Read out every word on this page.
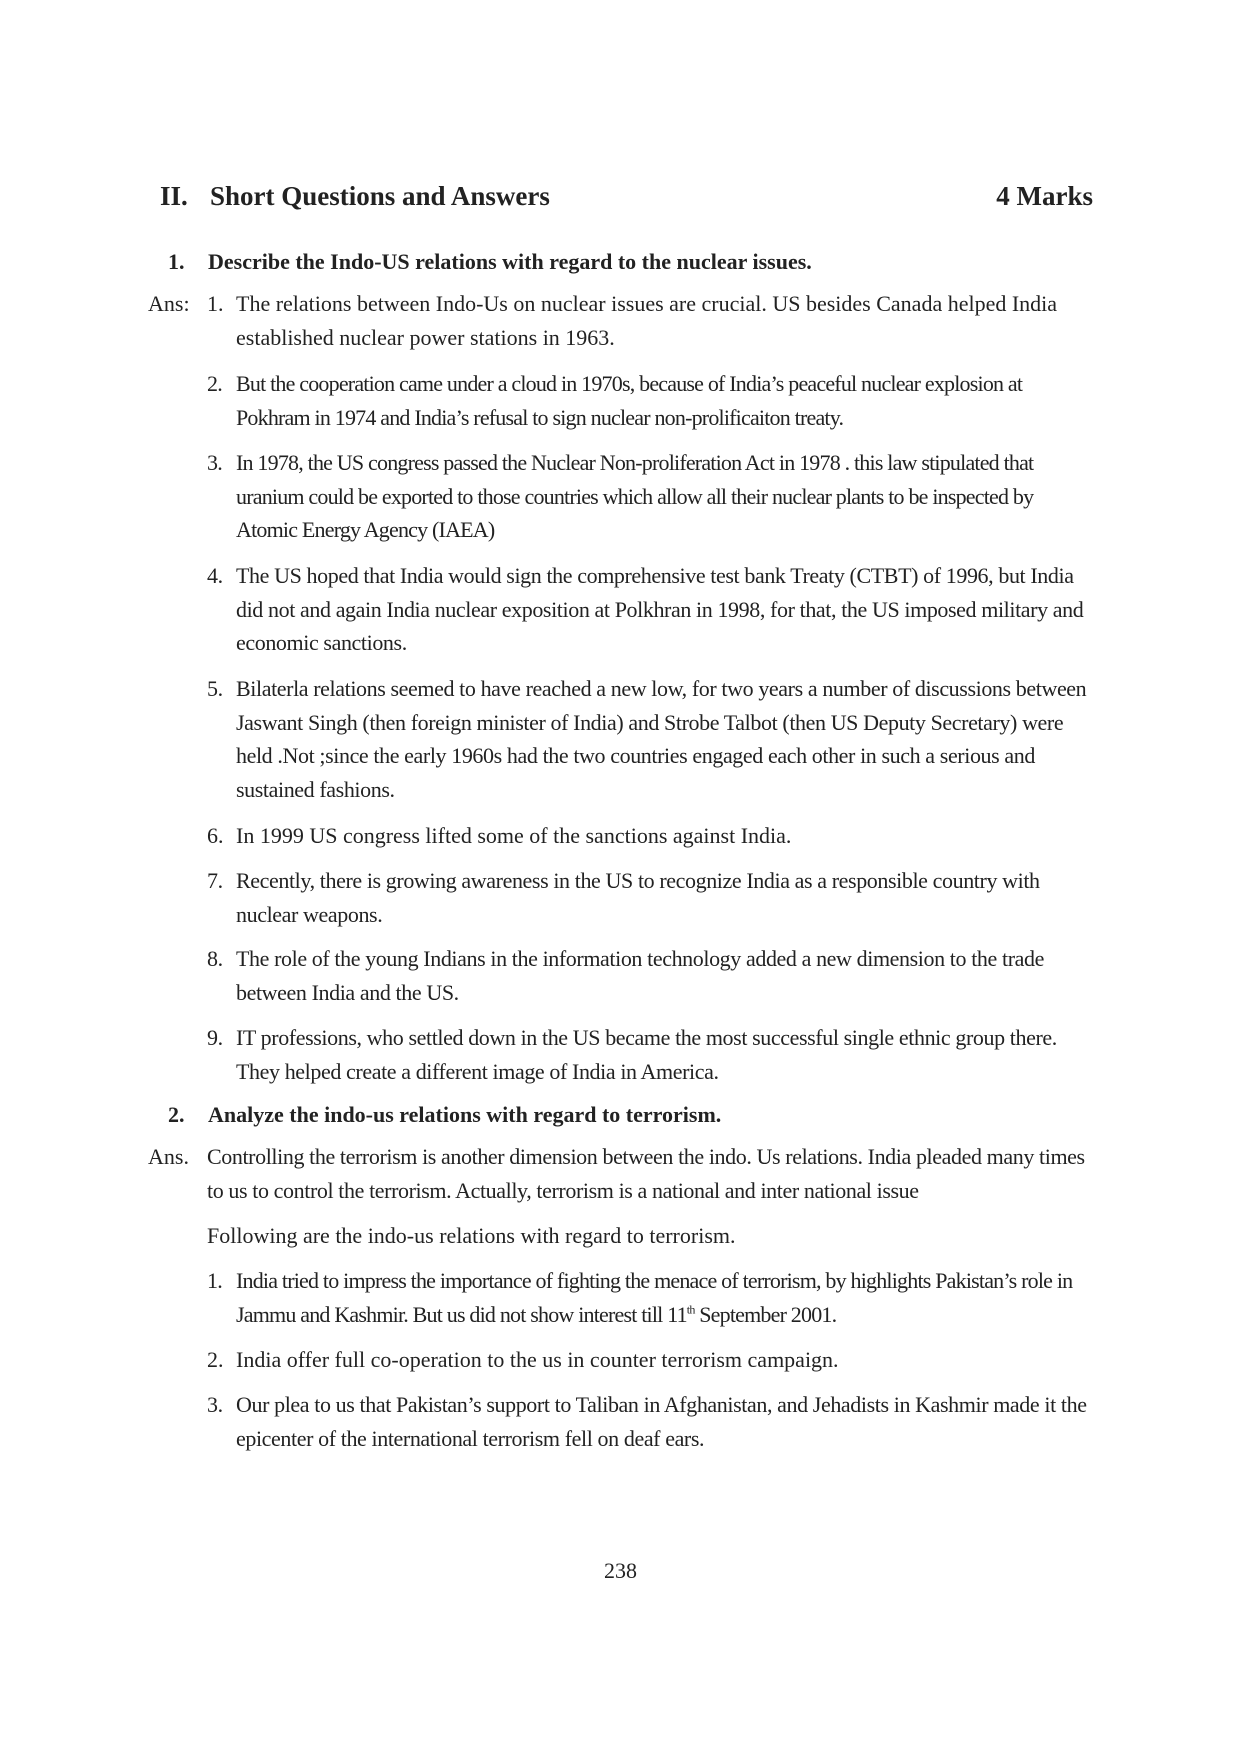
II. Short Questions and Answers	4 Marks
1.	Describe the Indo-US relations with regard to the nuclear issues.
Ans: 1. The relations between Indo-Us on nuclear issues are crucial. US besides Canada helped India established nuclear power stations in 1963.
2. But the cooperation came under a cloud in 1970s, because of India’s peaceful nuclear explosion at Pokhram in 1974 and India’s refusal to sign nuclear non-prolificaiton treaty.
3. In 1978, the US congress passed the Nuclear Non-proliferation Act in 1978 . this law stipulated that uranium could be exported to those countries which allow all their nuclear plants to be inspected by Atomic Energy Agency (IAEA)
4. The US hoped that India would sign the comprehensive test bank Treaty (CTBT) of 1996, but India did not and again India nuclear exposition at Polkhran in 1998, for that, the US imposed military and economic sanctions.
5. Bilaterla relations seemed to have reached a new low, for two years a number of discussions between Jaswant Singh (then foreign minister of India) and Strobe Talbot (then US Deputy Secretary) were held .Not ;since the early 1960s had the two countries engaged each other in such a serious and sustained fashions.
6. In 1999 US congress lifted some of the sanctions against India.
7. Recently, there is growing awareness in the US to recognize India as a responsible country with nuclear weapons.
8. The role of the young Indians in the information technology added a new dimension to the trade between India and the US.
9. IT professions, who settled down in the US became the most successful single ethnic group there. They helped create a different image of India in America.
2.	Analyze the indo-us relations with regard to terrorism.
Ans. Controlling the terrorism is another dimension between the indo. Us relations. India pleaded many times to us to control the terrorism. Actually, terrorism is a national and inter national issue
Following are the indo-us relations with regard to terrorism.
1. India tried to impress the importance of fighting the menace of terrorism, by highlights Pakistan’s role in Jammu and Kashmir. But us did not show interest till 11th September 2001.
2. India offer full co-operation to the us in counter terrorism campaign.
3. Our plea to us that Pakistan’s support to Taliban in Afghanistan, and Jehadists in Kashmir made it the epicenter of the international terrorism fell on deaf ears.
238
